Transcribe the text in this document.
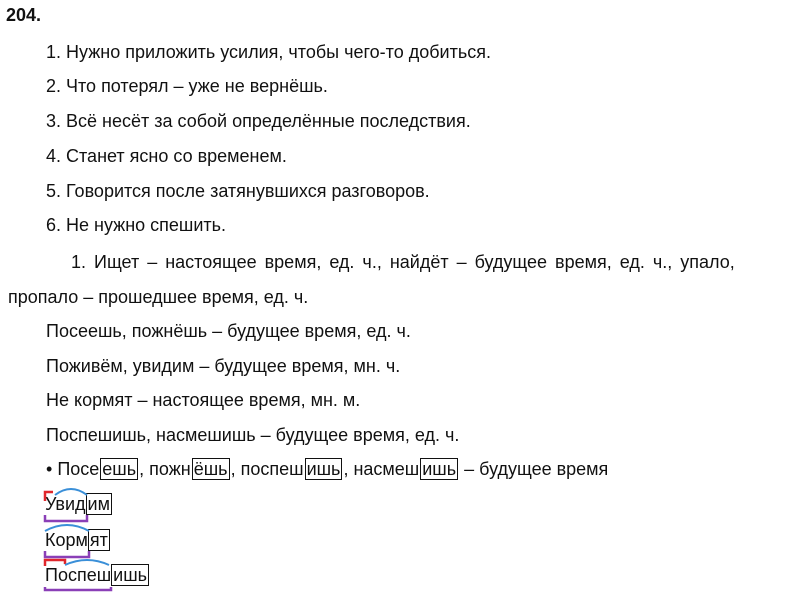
204.
1. Нужно приложить усилия, чтобы чего-то добиться.
2. Что потерял – уже не вернёшь.
3. Всё несёт за собой определённые последствия.
4. Станет ясно со временем.
5. Говорится после затянувшихся разговоров.
6. Не нужно спешить.
1. Ищет – настоящее время, ед. ч., найдёт – будущее время, ед. ч., упало,
пропало – прошедшее время, ед. ч.
Посеешь, пожнёшь – будущее время, ед. ч.
Поживём, увидим – будущее время, мн. ч.
Не кормят – настоящее время, мн. м.
Поспешишь, насмешишь – будущее время, ед. ч.
• Посе ешь , пожн ёшь , поспеш ишь , насмеш ишь – будущее время
Увид им
Корм ят
Поспеш ишь
